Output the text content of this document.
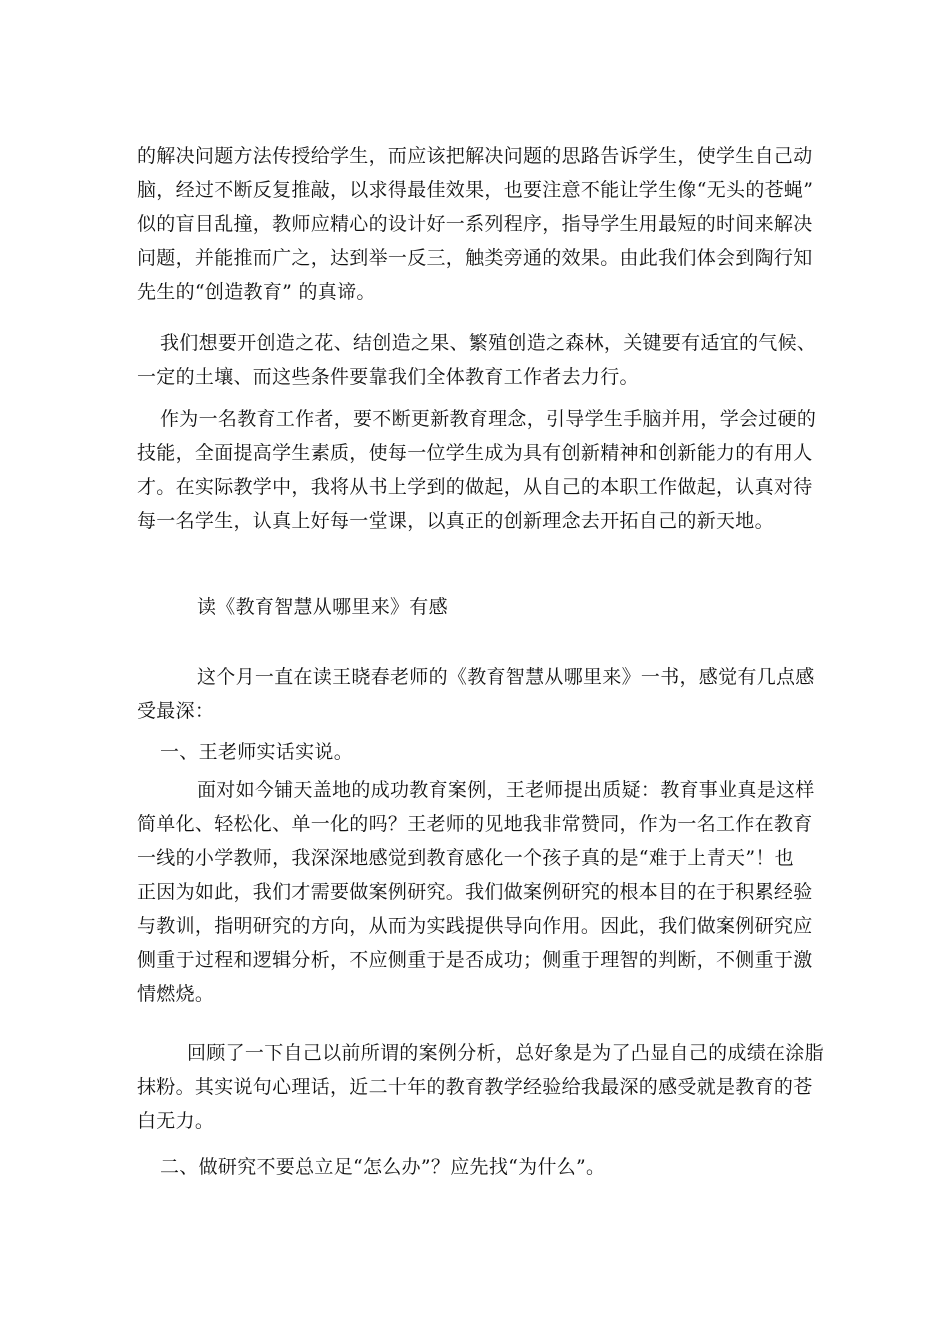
的解决问题方法传授给学生，而应该把解决问题的思路告诉学生，使学生自己动
脑，经过不断反复推敲，以求得最佳效果，也要注意不能让学生像“无头的苍蝇”
似的盲目乱撞，教师应精心的设计好一系列程序，指导学生用最短的时间来解决
问题，并能推而广之，达到举一反三，触类旁通的效果。由此我们体会到陶行知
先生的“创造教育” 的真谛。
我们想要开创造之花、结创造之果、繁殖创造之森林，关键要有适宜的气候、
一定的土壤、而这些条件要靠我们全体教育工作者去力行。
作为一名教育工作者，要不断更新教育理念，引导学生手脑并用，学会过硬的
技能，全面提高学生素质，使每一位学生成为具有创新精神和创新能力的有用人
才。在实际教学中，我将从书上学到的做起，从自己的本职工作做起，认真对待
每一名学生，认真上好每一堂课，以真正的创新理念去开拓自己的新天地。
读《教育智慧从哪里来》有感
这个月一直在读王晓春老师的《教育智慧从哪里来》一书，感觉有几点感
受最深：
一、王老师实话实说。
面对如今铺天盖地的成功教育案例，王老师提出质疑：教育事业真是这样
简单化、轻松化、单一化的吗？王老师的见地我非常赞同，作为一名工作在教育
一线的小学教师，我深深地感觉到教育感化一个孩子真的是“难于上青天”！也
正因为如此，我们才需要做案例研究。我们做案例研究的根本目的在于积累经验
与教训，指明研究的方向，从而为实践提供导向作用。因此，我们做案例研究应
侧重于过程和逻辑分析，不应侧重于是否成功；侧重于理智的判断，不侧重于激
情燃烧。
回顾了一下自己以前所谓的案例分析，总好象是为了凸显自己的成绩在涂脂
抹粉。其实说句心理话，近二十年的教育教学经验给我最深的感受就是教育的苍
白无力。
二、做研究不要总立足“怎么办”？应先找“为什么”。
